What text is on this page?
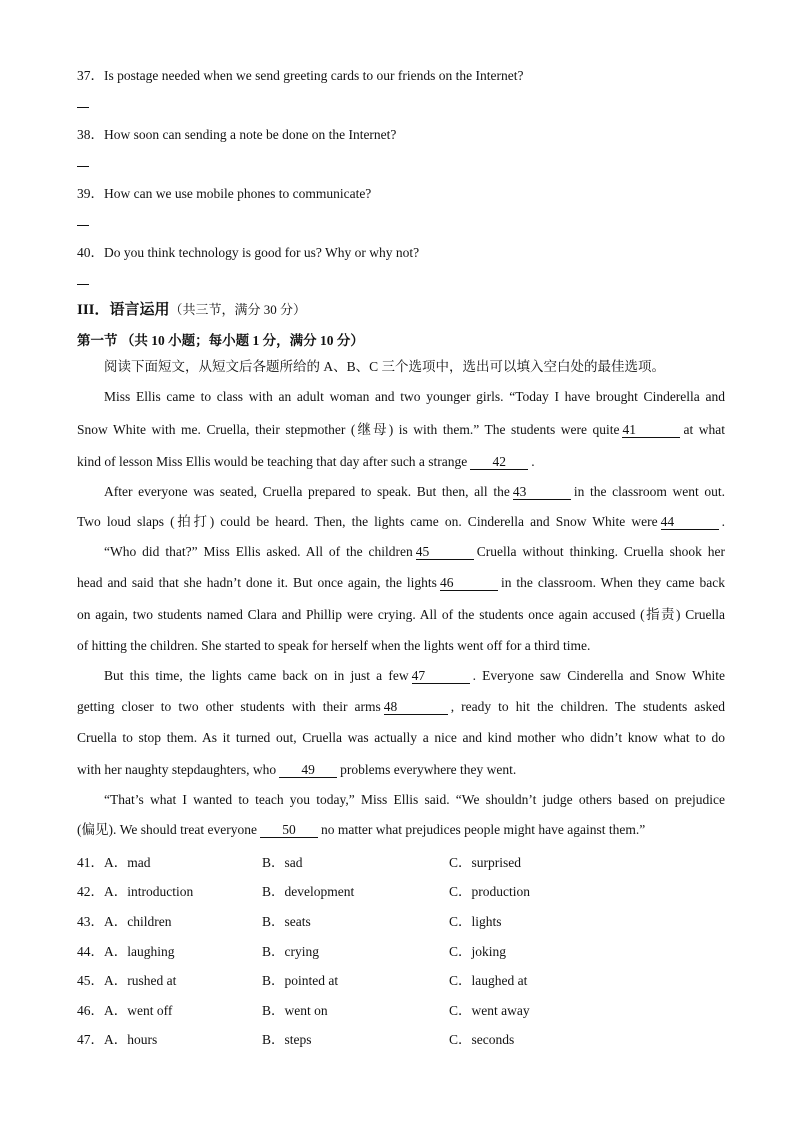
37．Is postage needed when we send greeting cards to our friends on the Internet?
38．How soon can sending a note be done on the Internet?
39．How can we use mobile phones to communicate?
40．Do you think technology is good for us? Why or why not?
III．语言运用（共三节，满分 30 分）
第一节 （共 10 小题；每小题 1 分，满分 10 分）
阅读下面短文，从短文后各题所给的 A、B、C 三个选项中，选出可以填入空白处的最佳选项。
Miss Ellis came to class with an adult woman and two younger girls. “Today I have brought Cinderella and
Snow White with me. Cruella, their stepmother (继母) is with them.” The students were quite 41	at what
kind of lesson Miss Ellis would be teaching that day after such a strange 42 .
After everyone was seated, Cruella prepared to speak. But then, all the 43	in the classroom went out.
Two loud slaps (拍打) could be heard. Then, the lights came on. Cinderella and Snow White were 44	.
“Who did that?” Miss Ellis asked. All of the children 45	Cruella without thinking. Cruella shook her
head and said that she hadn’t done it. But once again, the lights 46	in the classroom. When they came back
on again, two students named Clara and Phillip were crying. All of the students once again accused (指责) Cruella
of hitting the children. She started to speak for herself when the lights went off for a third time.
But this time, the lights came back on in just a few 47	. Everyone saw Cinderella and Snow White
getting closer to two other students with their arms 48	, ready to hit the children. The students asked
Cruella to stop them. As it turned out, Cruella was actually a nice and kind mother who didn’t know what to do
with her naughty stepdaughters, who 49 problems everywhere they went.
“That’s what I wanted to teach you today,” Miss Ellis said. “We shouldn’t judge others based on prejudice
(偏见). We should treat everyone 50 no matter what prejudices people might have against them.”
41． A．mad	B．sad	C．surprised
42． A．introduction	B．development	C．production
43． A．children	B．seats	C．lights
44． A．laughing	B．crying	C．joking
45． A．rushed at	B．pointed at	C．laughed at
46． A．went off	B．went on	C．went away
47． A．hours	B．steps	C．seconds
